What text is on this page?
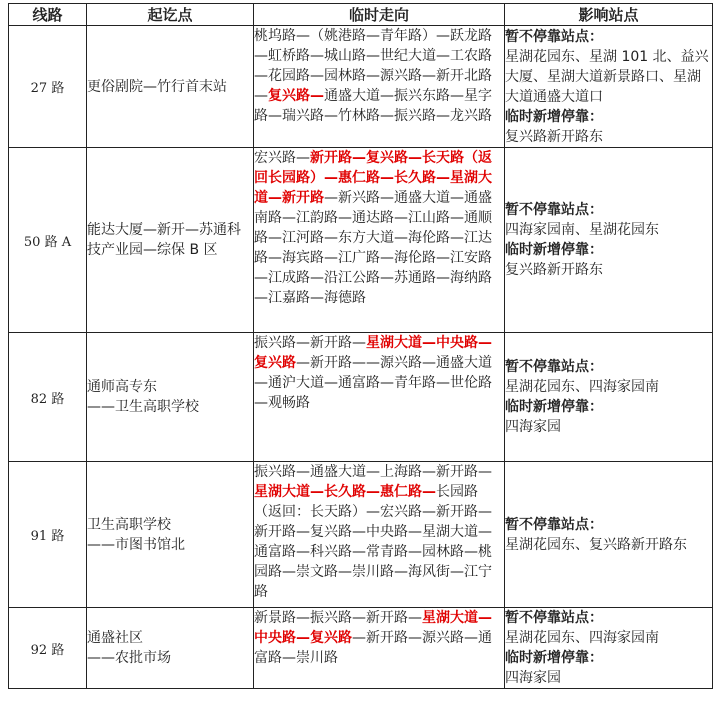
线路	起讫点	临时走向	影响站点
27 路	更俗剧院—竹行首末站	桃坞路—（姚港路—青年路）—跃龙路—虹桥路—城山路—世纪大道—工农路—花园路—园林路—源兴路—新开北路—复兴路—通盛大道—振兴东路—星字路—瑞兴路—竹林路—振兴路—龙兴路	暂不停靠站点：
星湖花园东、星湖 101 北、益兴大厦、星湖大道新景路口、星湖大道通盛大道口
临时新增停靠：
复兴路新开路东

50 路 A	能达大厦—新开—苏通科技产业园—综保 B 区	宏兴路—新开路—复兴路—长天路（返回长园路）—惠仁路—长久路—星湖大道—新开路—新兴路—通盛大道—通盛南路—江韵路—通达路—江山路—通顺路—江河路—东方大道—海伦路—江达路—海宾路—江广路—海伦路—江安路—江成路—沿江公路—苏通路—海纳路—江嘉路—海德路	暂不停靠站点：
四海家园南、星湖花园东
临时新增停靠：
复兴路新开路东

82 路	通师高专东
——卫生高职学校	振兴路—新开路—星湖大道—中央路—复兴路—新开路——源兴路—通盛大道—通沪大道—通富路—青年路—世伦路—观畅路	暂不停靠站点：
星湖花园东、四海家园南
临时新增停靠：
四海家园

91 路	卫生高职学校
——市图书馆北	振兴路—通盛大道—上海路—新开路—星湖大道—长久路—惠仁路—长园路（返回：长天路）—宏兴路—新开路—新开路—复兴路—中央路—星湖大道—通富路—科兴路—常青路—园林路—桃园路—崇文路—崇川路—海风街—江宁路	暂不停靠站点：
星湖花园东、复兴路新开路东

92 路	通盛社区
——农批市场	新景路—振兴路—新开路—星湖大道—中央路—复兴路—新开路—源兴路—通富路—崇川路	暂不停靠站点：
星湖花园东、四海家园南
临时新增停靠：
四海家园
